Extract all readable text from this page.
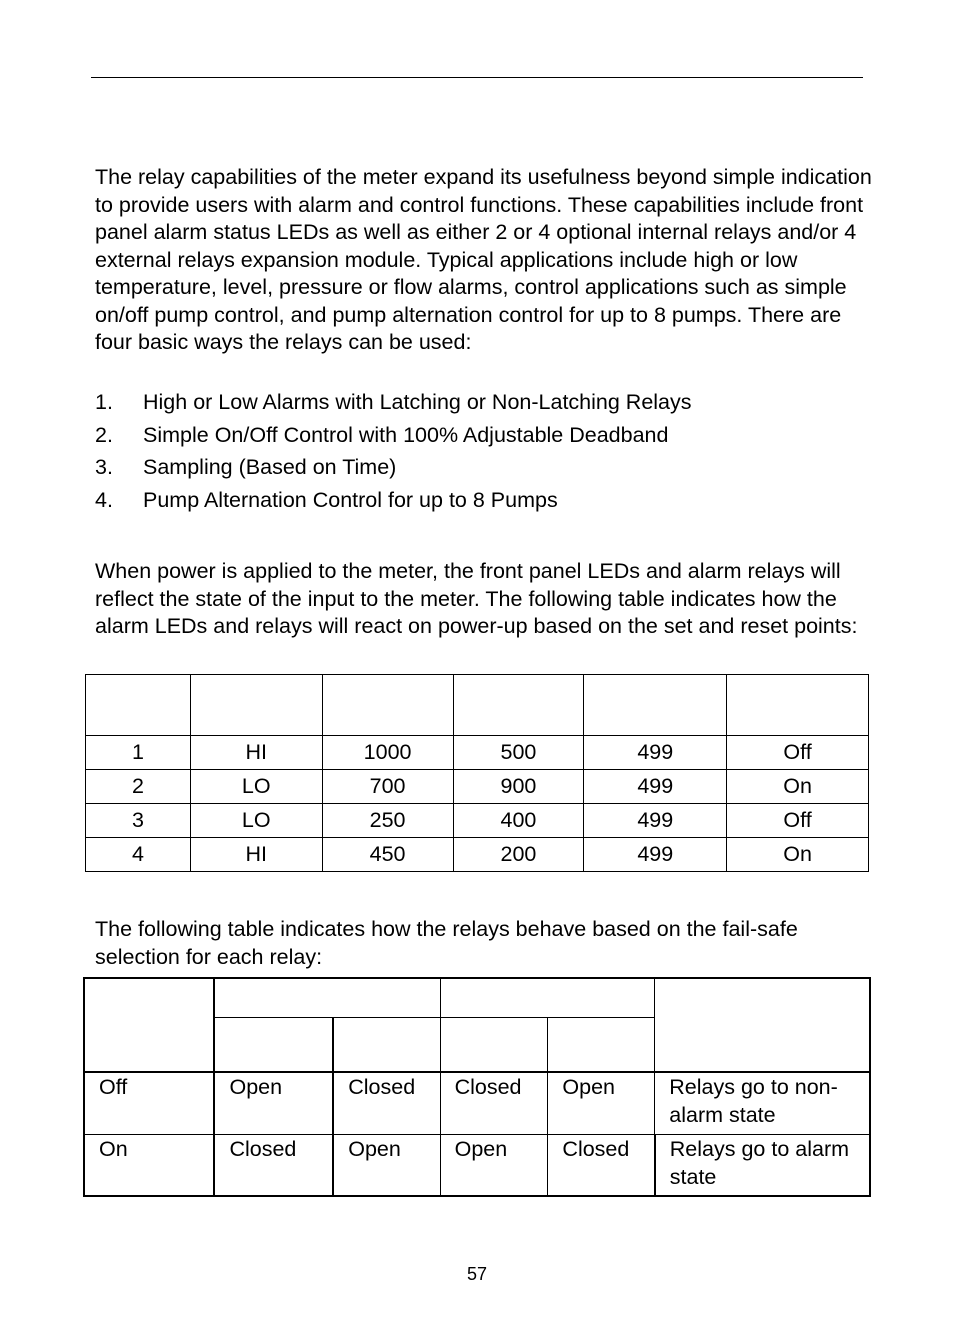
The relay capabilities of the meter expand its usefulness beyond simple indication to provide users with alarm and control functions. These capabilities include front panel alarm status LEDs as well as either 2 or 4 optional internal relays and/or 4 external relays expansion module. Typical applications include high or low temperature, level, pressure or flow alarms, control applications such as simple on/off pump control, and pump alternation control for up to 8 pumps. There are four basic ways the relays can be used:

1.	High or Low Alarms with Latching or Non-Latching Relays
2.	Simple On/Off Control with 100% Adjustable Deadband
3.	Sampling (Based on Time)
4.	Pump Alternation Control for up to 8 Pumps

When power is applied to the meter, the front panel LEDs and alarm relays will reflect the state of the input to the meter. The following table indicates how the alarm LEDs and relays will react on power-up based on the set and reset points:

1	HI	1000	500	499	Off
2	LO	700	900	499	On
3	LO	250	400	499	Off
4	HI	450	200	499	On

The following table indicates how the relays behave based on the fail-safe selection for each relay:

Off	Open	Closed	Closed	Open	Relays go to non-alarm state

On	Closed	Open	Open	Closed	Relays go to alarm state
57
